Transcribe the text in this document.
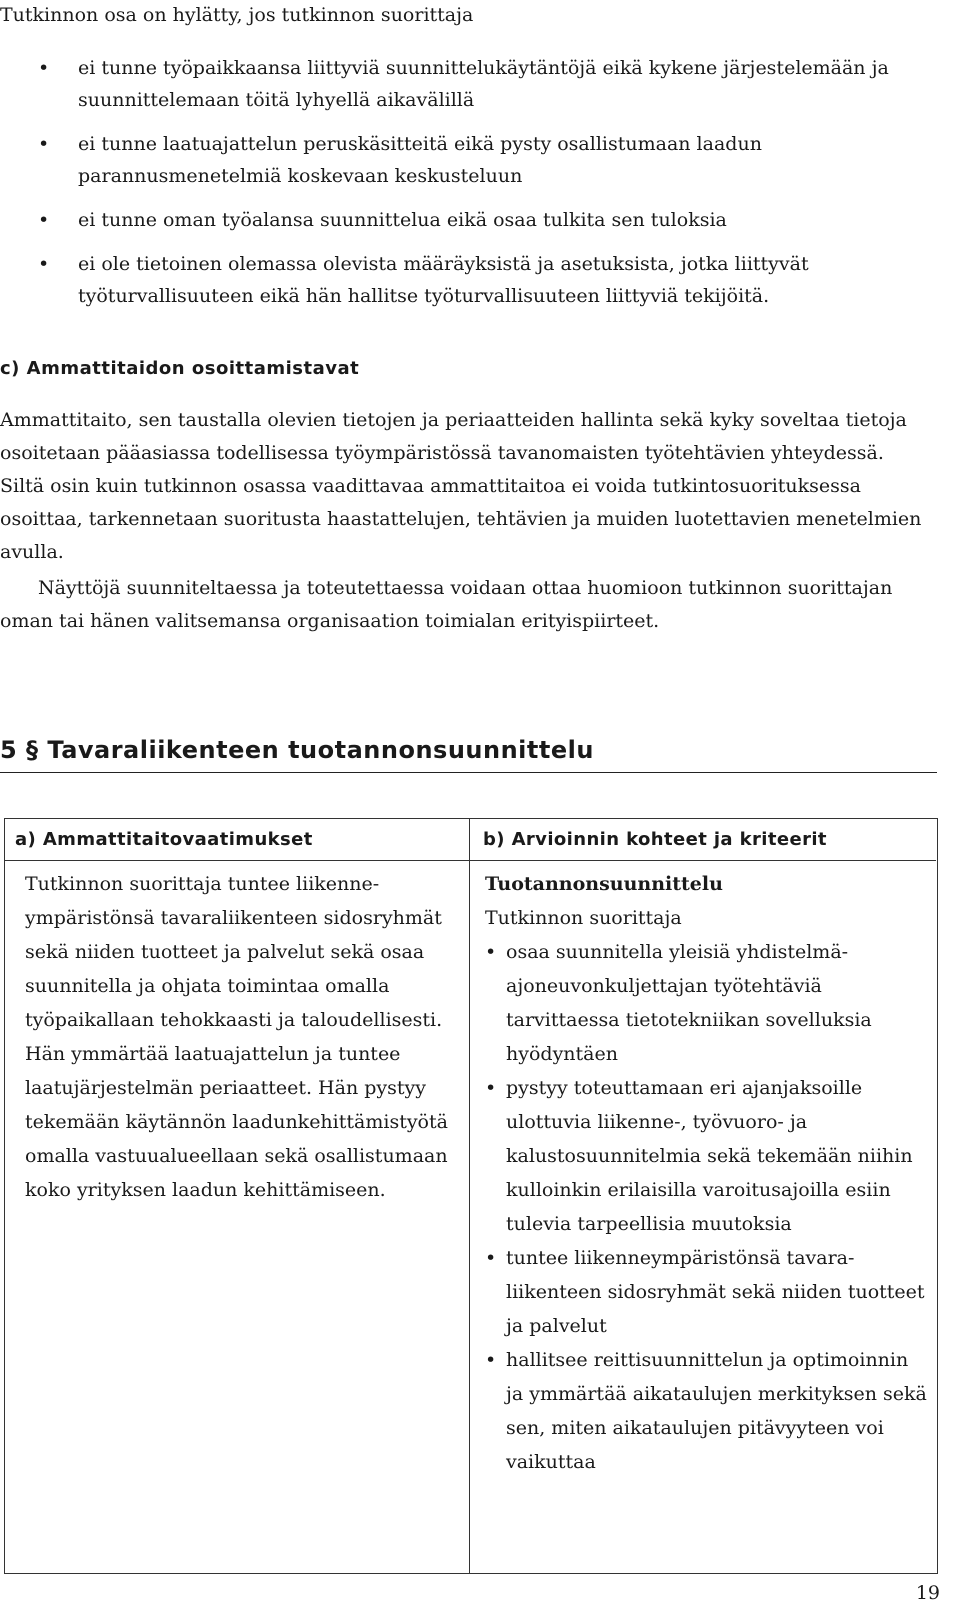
Tutkinnon osa on hylätty, jos tutkinnon suorittaja
• ei tunne työpaikkaansa liittyviä suunnittelukäytäntöjä eikä kykene järjestelemään ja suunnittelemaan töitä lyhyellä aikavälillä
• ei tunne laatuajattelun peruskäsitteitä eikä pysty osallistumaan laadun parannusmenetelmiä koskevaan keskusteluun
• ei tunne oman työalansa suunnittelua eikä osaa tulkita sen tuloksia
• ei ole tietoinen olemassa olevista määräyksistä ja asetuksista, jotka liittyvät työturvallisuuteen eikä hän hallitse työturvallisuuteen liittyviä tekijöitä.
c) Ammattitaidon osoittamistavat

Ammattitaito, sen taustalla olevien tietojen ja periaatteiden hallinta sekä kyky soveltaa tietoja osoitetaan pääasiassa todellisessa työympäristössä tavanomaisten työtehtävien yhteydessä. Siltä osin kuin tutkinnon osassa vaadittavaa ammattitaitoa ei voida tutkintosuorituksessa osoittaa, tarkennetaan suoritusta haastattelujen, tehtävien ja muiden luotettavien menetelmien avulla.

Näyttöjä suunniteltaessa ja toteutettaessa voidaan ottaa huomioon tutkinnon suorittajan oman tai hänen valitsemansa organisaation toimialan erityispiirteet.

5 § Tavaraliikenteen tuotannonsuunnittelu
a) Ammattitaitovaatimukset

Tutkinnon suorittaja tuntee liikenneympäristönsä tavaraliikenteen sidosryhmät sekä niiden tuotteet ja palvelut sekä osaa suunnitella ja ohjata toimintaa omalla työpaikallaan tehokkaasti ja taloudellisesti. Hän ymmärtää laatuajattelun ja tuntee laatujärjestelmän periaatteet. Hän pystyy tekemään käytännön laadunkehittämistyötä omalla vastuualueellaan sekä osallistumaan koko yrityksen laadun kehittämiseen.

b) Arvioinnin kohteet ja kriteerit
Tuotannonsuunnittelu
Tutkinnon suorittaja
• osaa suunnitella yleisiä yhdistelmäajoneuvonkuljettajan työtehtäviä tarvittaessa tietotekniikan sovelluksia hyödyntäen
• pystyy toteuttamaan eri ajanjaksoille ulottuvia liikenne-, työvuoro- ja kalustosuunnitelmia sekä tekemään niihin kulloinkin erilaisilla varoitusajoilla esiin tulevia tarpeellisia muutoksia
• tuntee liikenneympäristönsä tavaraliikenteen sidosryhmät sekä niiden tuotteet ja palvelut
• hallitsee reittisuunnittelun ja optimoinnin ja ymmärtää aikataulujen merkityksen sekä sen, miten aikataulujen pitävyyteen voi vaikuttaa
19
